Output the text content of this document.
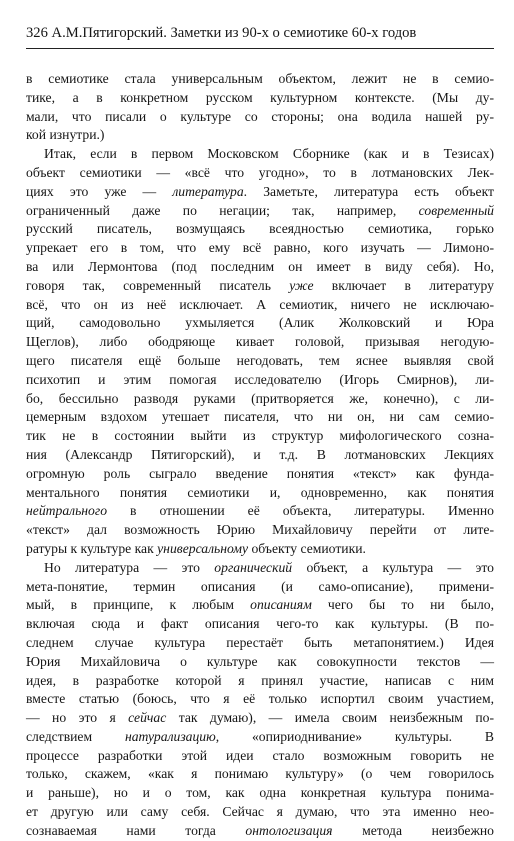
326 А.М.Пятигорский. Заметки из 90-х о семиотике 60-х годов
в семиотике стала универсальным объектом, лежит не в семио-
тике, а в конкретном русском культурном контексте. (Мы ду-
мали, что писали о культуре со стороны; она водила нашей ру-
кой изнутри.)
Итак, если в первом Московском Сборнике (как и в Тезисах)
объект семиотики — «всё что угодно», то в лотмановских Лек-
циях это уже — литература. Заметьте, литература есть объект
ограниченный даже по негации; так, например, современный
русский писатель, возмущаясь всеядностью семиотика, горько
упрекает его в том, что ему всё равно, кого изучать — Лимоно-
ва или Лермонтова (под последним он имеет в виду себя). Но,
говоря так, современный писатель уже включает в литературу
всё, что он из неё исключает. А семиотик, ничего не исключаю-
щий, самодовольно ухмыляется (Алик Жолковский и Юра
Щеглов), либо ободряюще кивает головой, призывая негодую-
щего писателя ещё больше негодовать, тем яснее выявляя свой
психотип и этим помогая исследователю (Игорь Смирнов), ли-
бо, бессильно разводя руками (притворяется же, конечно), с ли-
цемерным вздохом утешает писателя, что ни он, ни сам семио-
тик не в состоянии выйти из структур мифологического созна-
ния (Александр Пятигорский), и т.д. В лотмановских Лекциях
огромную роль сыграло введение понятия «текст» как фунда-
ментального понятия семиотики и, одновременно, как понятия
нейтрального в отношении её объекта, литературы. Именно
«текст» дал возможность Юрию Михайловичу перейти от лите-
ратуры к культуре как универсальному объекту семиотики.
Но литература — это органический объект, а культура — это
мета-понятие, термин описания (и само-описание), примени-
мый, в принципе, к любым описаниям чего бы то ни было,
включая сюда и факт описания чего-то как культуры. (В по-
следнем случае культура перестаёт быть метапонятием.) Идея
Юрия Михайловича о культуре как совокупности текстов —
идея, в разработке которой я принял участие, написав с ним
вместе статью (боюсь, что я её только испортил своим участием,
— но это я сейчас так думаю), — имела своим неизбежным по-
следствием натурализацию, «опириоднивание» культуры. В
процессе разработки этой идеи стало возможным говорить не
только, скажем, «как я понимаю культуру» (о чем говорилось
и раньше), но и о том, как одна конкретная культура понима-
ет другую или саму себя. Сейчас я думаю, что эта именно нео-
сознаваемая нами тогда онтологизация метода неизбежно
